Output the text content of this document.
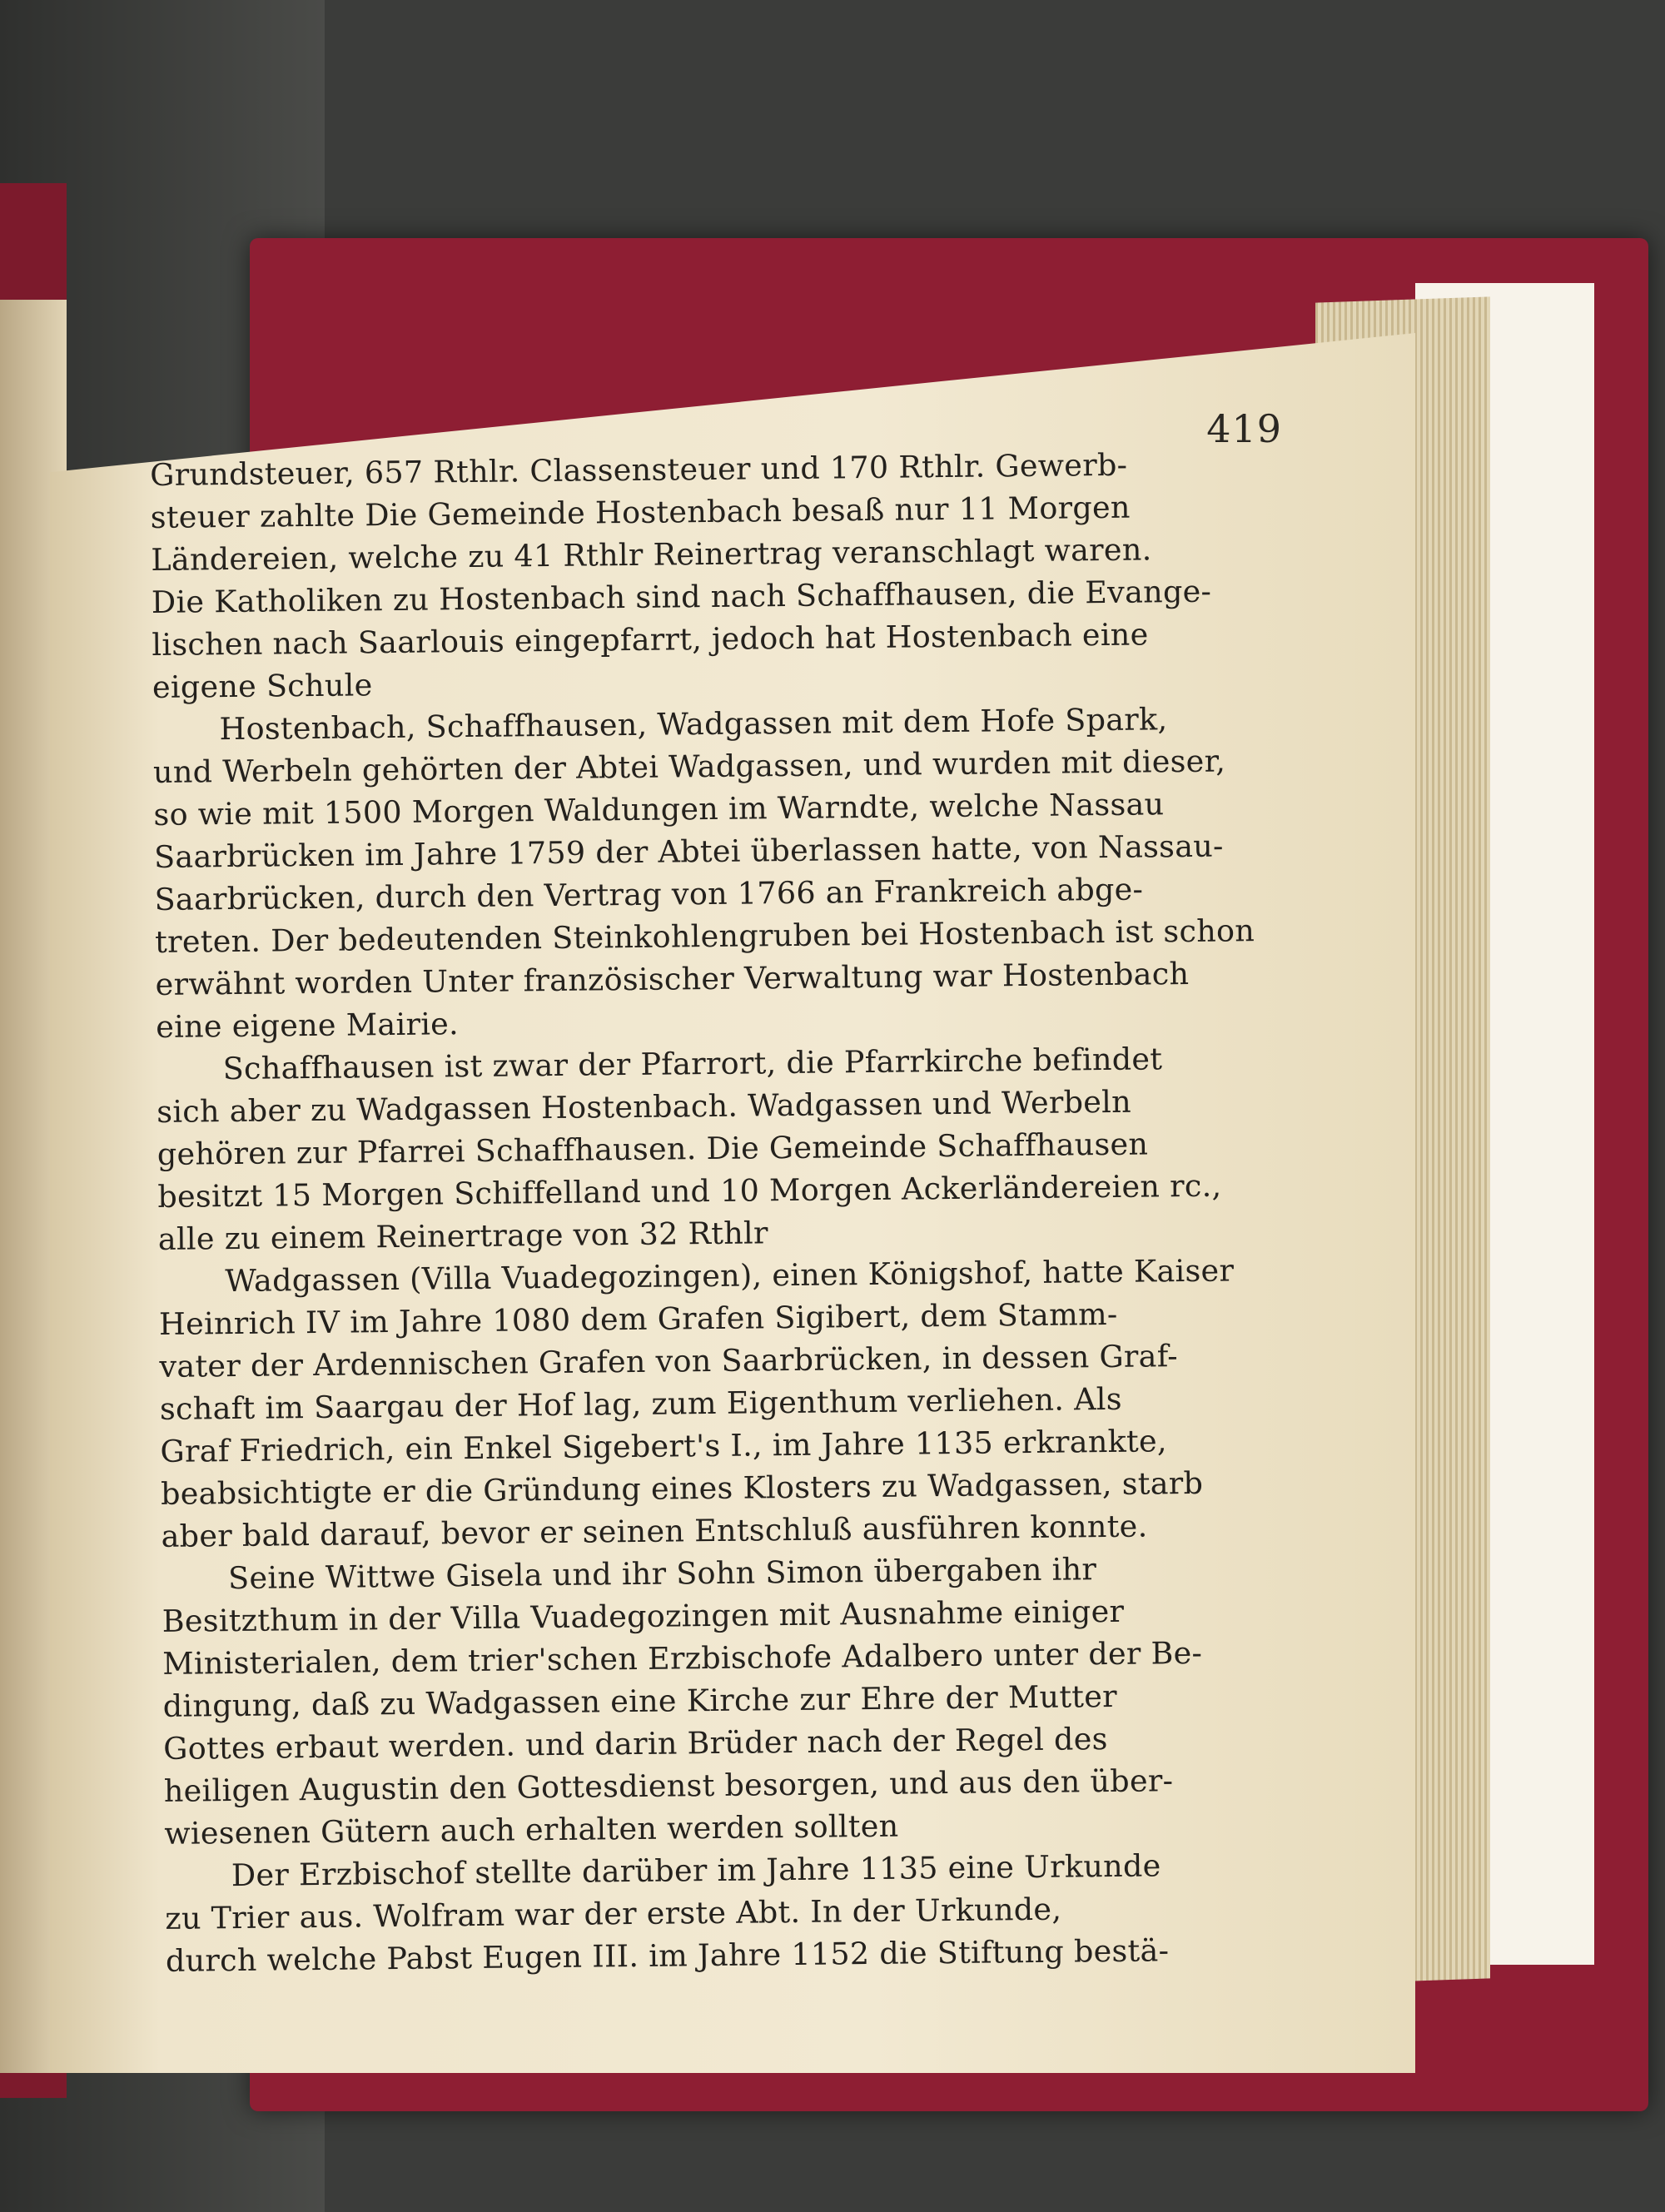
419
Grundsteuer, 657 Rthlr. Classensteuer und 170 Rthlr. Gewerb-
steuer zahlte Die Gemeinde Hostenbach besaß nur 11 Morgen
Ländereien, welche zu 41 Rthlr Reinertrag veranschlagt waren.
Die Katholiken zu Hostenbach sind nach Schaffhausen, die Evange-
lischen nach Saarlouis eingepfarrt, jedoch hat Hostenbach eine
eigene Schule
Hostenbach, Schaffhausen, Wadgassen mit dem Hofe Spark,
und Werbeln gehörten der Abtei Wadgassen, und wurden mit dieser,
so wie mit 1500 Morgen Waldungen im Warndte, welche Nassau
Saarbrücken im Jahre 1759 der Abtei überlassen hatte, von Nassau-
Saarbrücken, durch den Vertrag von 1766 an Frankreich abge-
treten. Der bedeutenden Steinkohlengruben bei Hostenbach ist schon
erwähnt worden Unter französischer Verwaltung war Hostenbach
eine eigene Mairie.
Schaffhausen ist zwar der Pfarrort, die Pfarrkirche befindet
sich aber zu Wadgassen Hostenbach. Wadgassen und Werbeln
gehören zur Pfarrei Schaffhausen. Die Gemeinde Schaffhausen
besitzt 15 Morgen Schiffelland und 10 Morgen Ackerländereien rc.,
alle zu einem Reinertrage von 32 Rthlr
Wadgassen (Villa Vuadegozingen), einen Königshof, hatte Kaiser
Heinrich IV im Jahre 1080 dem Grafen Sigibert, dem Stamm-
vater der Ardennischen Grafen von Saarbrücken, in dessen Graf-
schaft im Saargau der Hof lag, zum Eigenthum verliehen. Als
Graf Friedrich, ein Enkel Sigebert's I., im Jahre 1135 erkrankte,
beabsichtigte er die Gründung eines Klosters zu Wadgassen, starb
aber bald darauf, bevor er seinen Entschluß ausführen konnte.
Seine Wittwe Gisela und ihr Sohn Simon übergaben ihr
Besitzthum in der Villa Vuadegozingen mit Ausnahme einiger
Ministerialen, dem trier'schen Erzbischofe Adalbero unter der Be-
dingung, daß zu Wadgassen eine Kirche zur Ehre der Mutter
Gottes erbaut werden. und darin Brüder nach der Regel des
heiligen Augustin den Gottesdienst besorgen, und aus den über-
wiesenen Gütern auch erhalten werden sollten
Der Erzbischof stellte darüber im Jahre 1135 eine Urkunde
zu Trier aus. Wolfram war der erste Abt. In der Urkunde,
durch welche Pabst Eugen III. im Jahre 1152 die Stiftung bestä-
